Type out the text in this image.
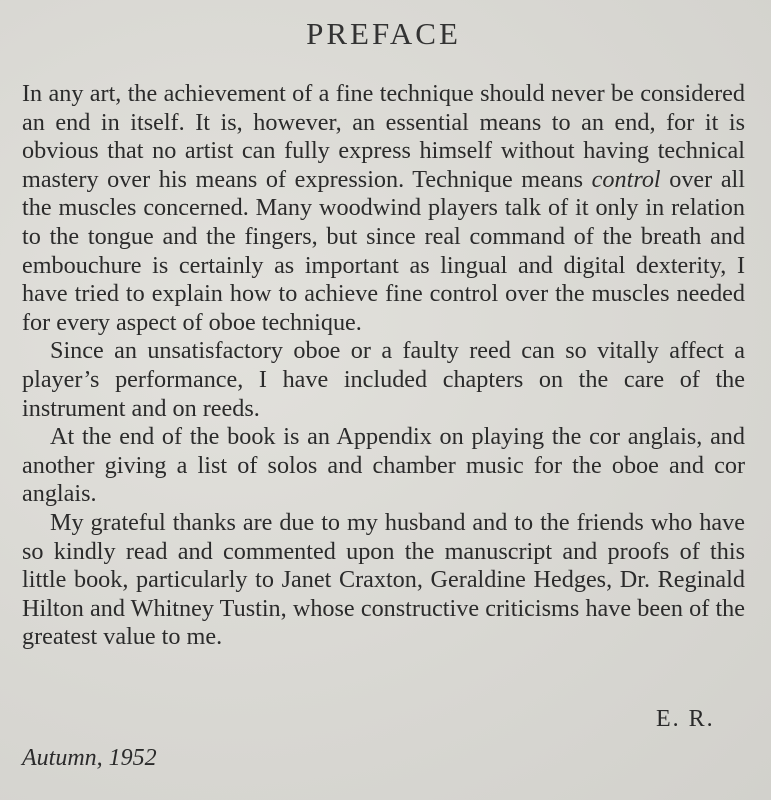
PREFACE

In any art, the achievement of a fine technique should never be considered an end in itself. It is, however, an essential means to an end, for it is obvious that no artist can fully express himself without having technical mastery over his means of expression. Technique means control over all the muscles concerned. Many woodwind players talk of it only in relation to the tongue and the fingers, but since real command of the breath and embouchure is certainly as important as lingual and digital dexterity, I have tried to explain how to achieve fine control over the muscles needed for every aspect of oboe technique.

Since an unsatisfactory oboe or a faulty reed can so vitally affect a player’s performance, I have included chapters on the care of the instrument and on reeds.

At the end of the book is an Appendix on playing the cor anglais, and another giving a list of solos and chamber music for the oboe and cor anglais.

My grateful thanks are due to my husband and to the friends who have so kindly read and commented upon the manuscript and proofs of this little book, particularly to Janet Craxton, Geraldine Hedges, Dr. Reginald Hilton and Whitney Tustin, whose constructive criticisms have been of the greatest value to me.

E. R.
Autumn, 1952
